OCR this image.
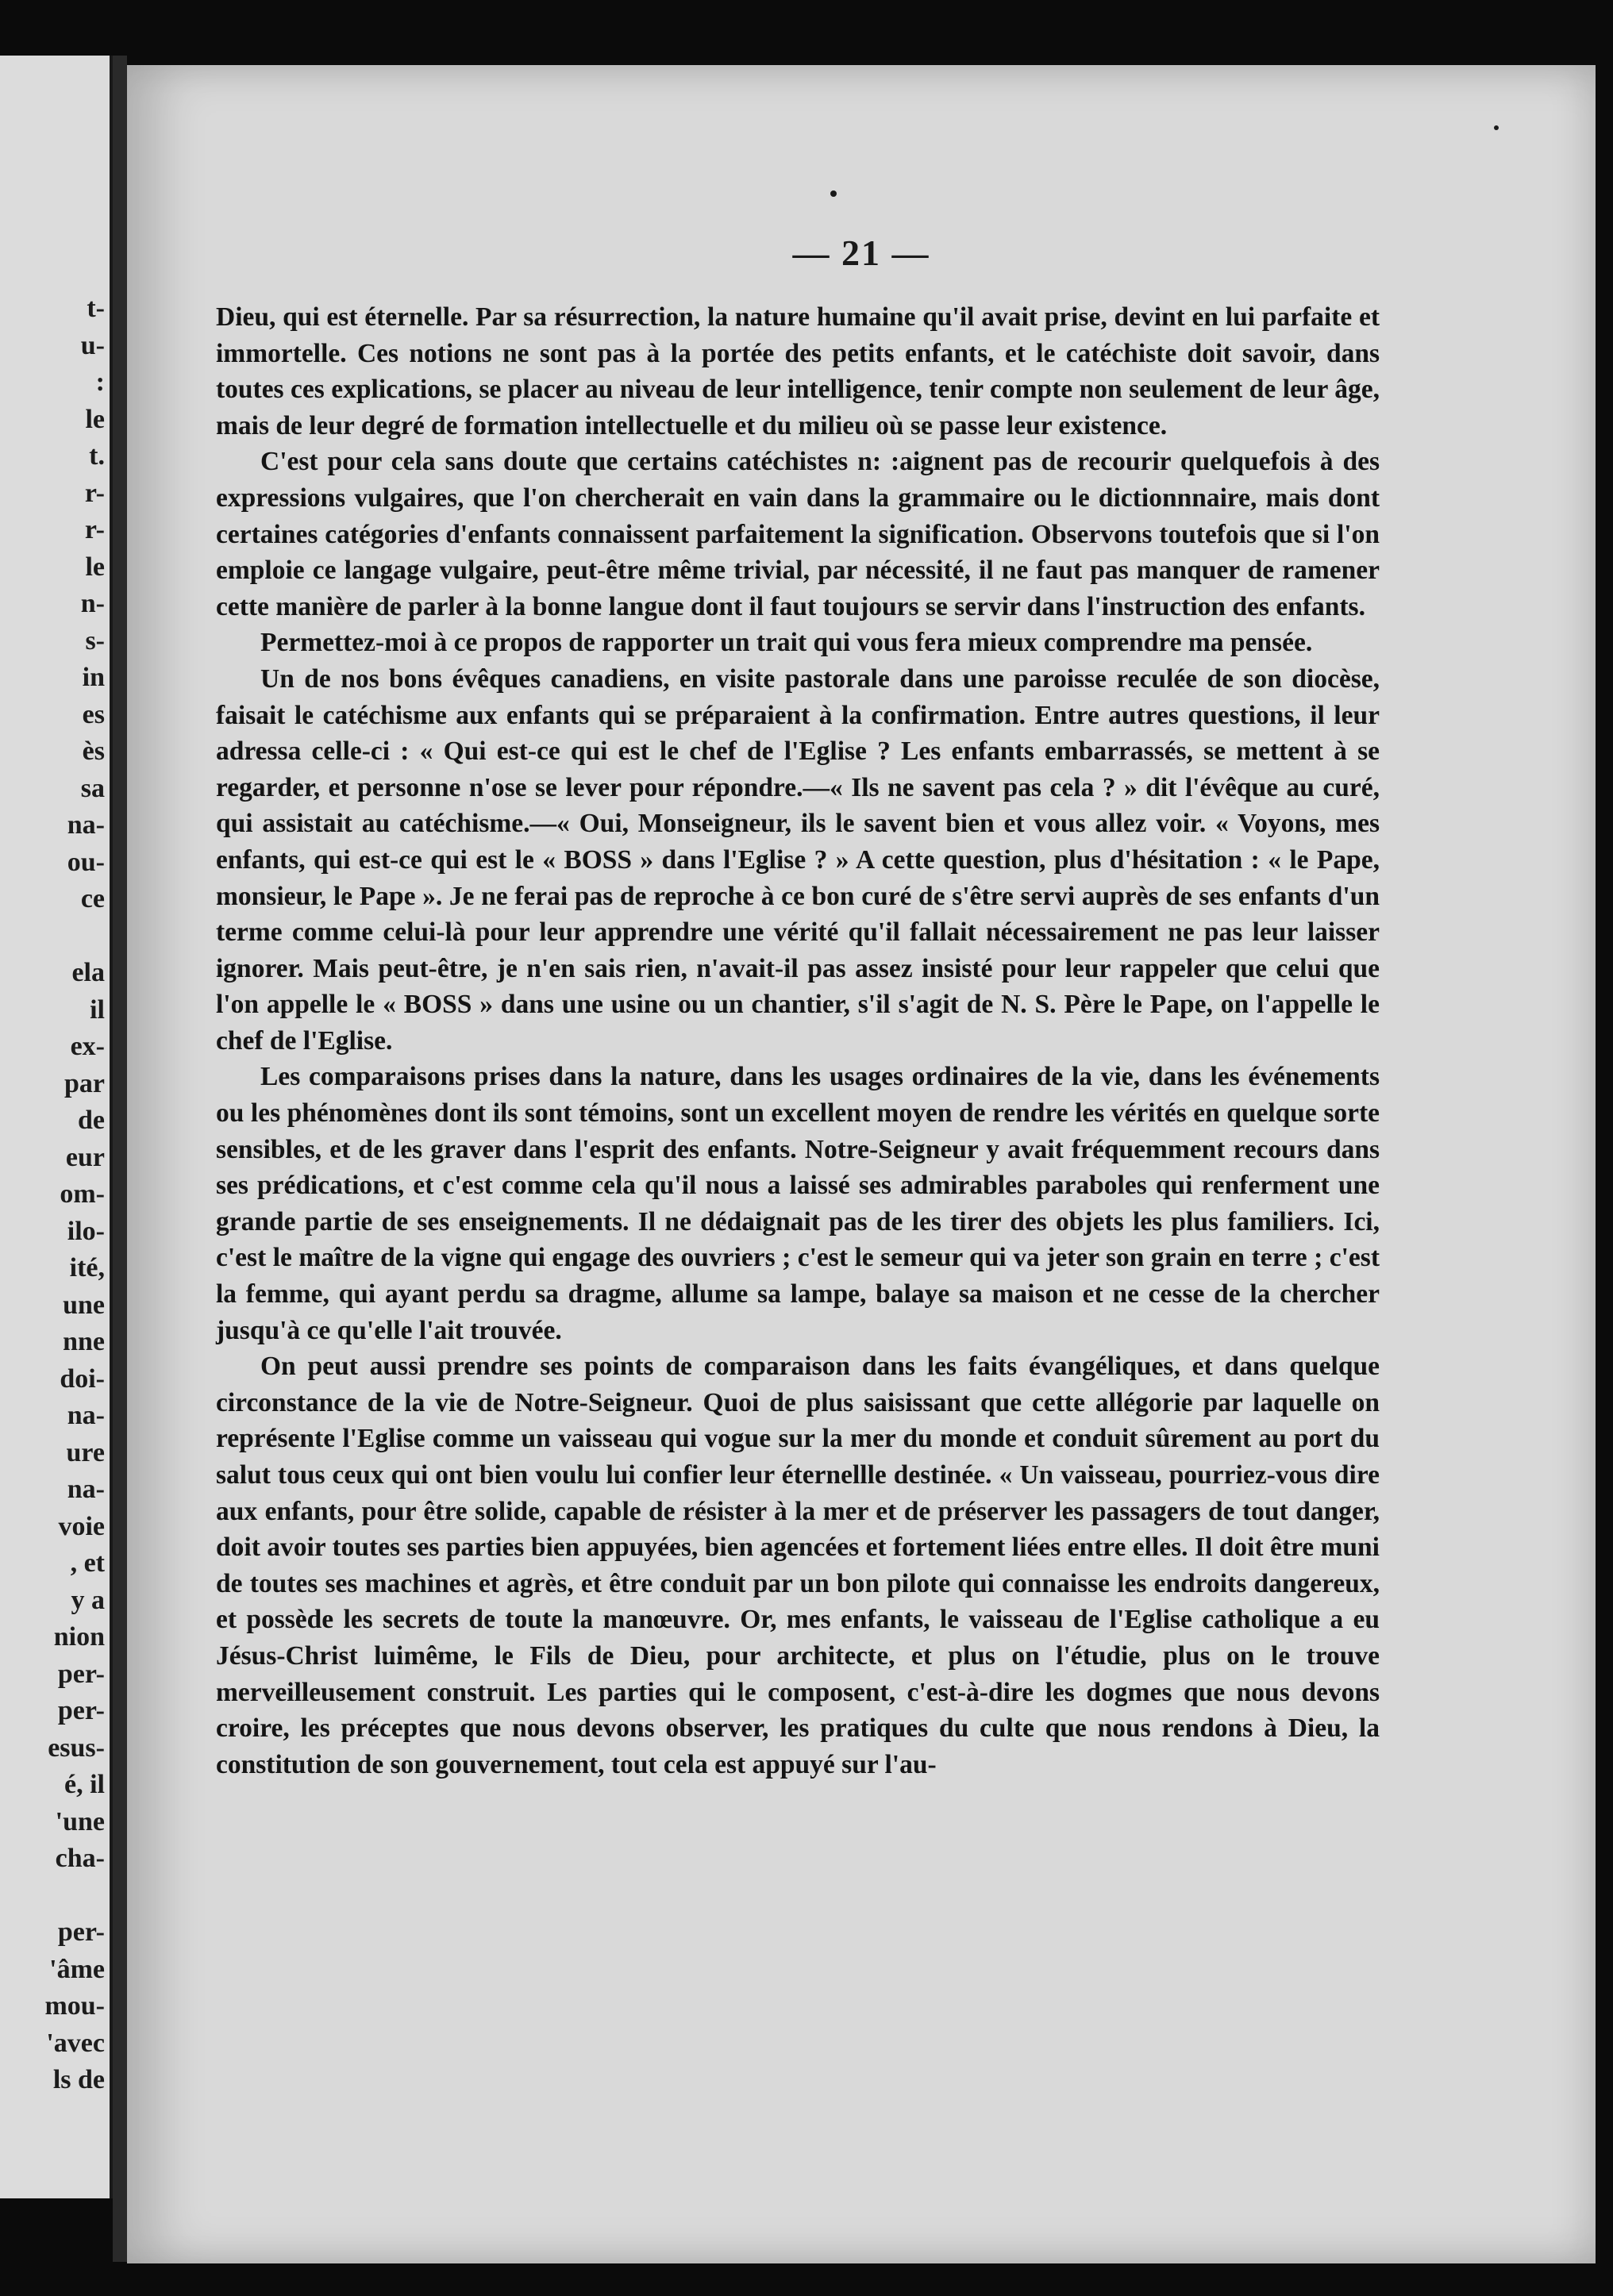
t-
u-
:
le
t.
r-
r-
le
n-
s-
in
es
ès
sa
na-
ou-
ce
ela
il
ex-
par
de
eur
om-
ilo-
ité,
une
nne
doi-
na-
ure
na-
voie
, et
y a
nion
per-
per-
esus-
é, il
'une
cha-
per-
'âme
mou-
'avec
ls de
— 21 —

Dieu, qui est éternelle. Par sa résurrection, la nature humaine qu'il avait prise, devint en lui parfaite et immortelle. Ces notions ne sont pas à la portée des petits enfants, et le catéchiste doit savoir, dans toutes ces explications, se placer au niveau de leur intelligence, tenir compte non seulement de leur âge, mais de leur degré de formation intellectuelle et du milieu où se passe leur existence.

C'est pour cela sans doute que certains catéchistes n: :aignent pas de recourir quelquefois à des expressions vulgaires, que l'on chercherait en vain dans la grammaire ou le dictionnnaire, mais dont certaines catégories d'enfants connaissent parfaitement la signification. Observons toutefois que si l'on emploie ce langage vulgaire, peut-être même trivial, par nécessité, il ne faut pas manquer de ramener cette manière de parler à la bonne langue dont il faut toujours se servir dans l'instruction des enfants.

Permettez-moi à ce propos de rapporter un trait qui vous fera mieux comprendre ma pensée.

Un de nos bons évêques canadiens, en visite pastorale dans une paroisse reculée de son diocèse, faisait le catéchisme aux enfants qui se préparaient à la confirmation. Entre autres questions, il leur adressa celle-ci : « Qui est-ce qui est le chef de l'Eglise ? Les enfants embarrassés, se mettent à se regarder, et personne n'ose se lever pour répondre.—« Ils ne savent pas cela ? » dit l'évêque au curé, qui assistait au catéchisme.—« Oui, Monseigneur, ils le savent bien et vous allez voir. « Voyons, mes enfants, qui est-ce qui est le « BOSS » dans l'Eglise ? » A cette question, plus d'hésitation : « le Pape, monsieur, le Pape ». Je ne ferai pas de reproche à ce bon curé de s'être servi auprès de ses enfants d'un terme comme celui-là pour leur apprendre une vérité qu'il fallait nécessairement ne pas leur laisser ignorer. Mais peut-être, je n'en sais rien, n'avait-il pas assez insisté pour leur rappeler que celui que l'on appelle le « BOSS » dans une usine ou un chantier, s'il s'agit de N. S. Père le Pape, on l'appelle le chef de l'Eglise.

Les comparaisons prises dans la nature, dans les usages ordinaires de la vie, dans les événements ou les phénomènes dont ils sont témoins, sont un excellent moyen de rendre les vérités en quelque sorte sensibles, et de les graver dans l'esprit des enfants. Notre-Seigneur y avait fréquemment recours dans ses prédications, et c'est comme cela qu'il nous a laissé ses admirables paraboles qui renferment une grande partie de ses enseignements. Il ne dédaignait pas de les tirer des objets les plus familiers. Ici, c'est le maître de la vigne qui engage des ouvriers ; c'est le semeur qui va jeter son grain en terre ; c'est la femme, qui ayant perdu sa dragme, allume sa lampe, balaye sa maison et ne cesse de la chercher jusqu'à ce qu'elle l'ait trouvée.

On peut aussi prendre ses points de comparaison dans les faits évangéliques, et dans quelque circonstance de la vie de Notre-Seigneur. Quoi de plus saisissant que cette allégorie par laquelle on représente l'Eglise comme un vaisseau qui vogue sur la mer du monde et conduit sûrement au port du salut tous ceux qui ont bien voulu lui confier leur éternellle destinée. « Un vaisseau, pourriez-vous dire aux enfants, pour être solide, capable de résister à la mer et de préserver les passagers de tout danger, doit avoir toutes ses parties bien appuyées, bien agencées et fortement liées entre elles. Il doit être muni de toutes ses machines et agrès, et être conduit par un bon pilote qui connaisse les endroits dangereux, et possède les secrets de toute la manœuvre. Or, mes enfants, le vaisseau de l'Eglise catholique a eu Jésus-Christ luimême, le Fils de Dieu, pour architecte, et plus on l'étudie, plus on le trouve merveilleusement construit. Les parties qui le composent, c'est-à-dire les dogmes que nous devons croire, les préceptes que nous devons observer, les pratiques du culte que nous rendons à Dieu, la constitution de son gouvernement, tout cela est appuyé sur l'au-
